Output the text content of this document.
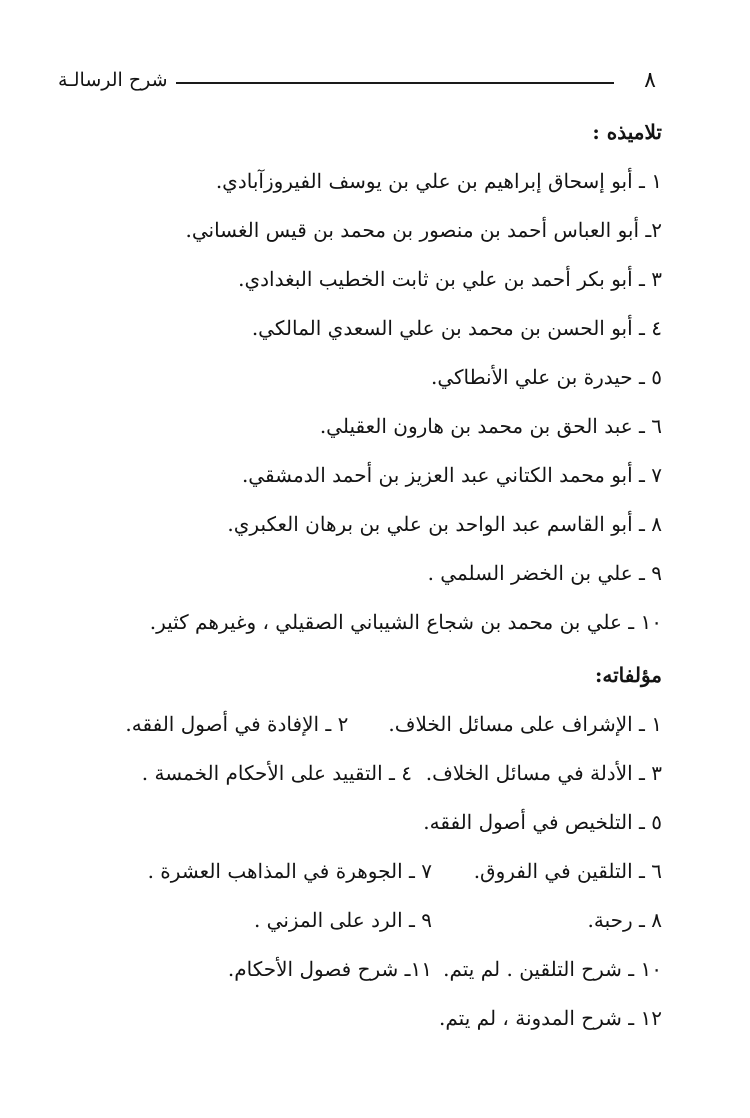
٨
شرح الرسالـة
تلاميذه :
١ ـ أبو إسحاق إبراهيم بن علي بن يوسف الفيروزآبادي.
٢ـ أبو العباس أحمد بن منصور بن محمد بن قيس الغساني.
٣ ـ أبو بكر أحمد بن علي بن ثابت الخطيب البغدادي.
٤ ـ أبو الحسن بن محمد بن علي السعدي المالكي.
٥ ـ حيدرة بن علي الأنطاكي.
٦ ـ عبد الحق بن محمد بن هارون العقيلي.
٧ ـ أبو محمد الكتاني عبد العزيز بن أحمد الدمشقي.
٨ ـ أبو القاسم عبد الواحد بن علي بن برهان العكبري.
٩ ـ علي بن الخضر السلمي .
١٠ ـ علي بن محمد بن شجاع الشيباني الصقيلي ، وغيرهم كثير.
مؤلفاته:
١ ـ الإشراف على مسائل الخلاف.
٢ ـ الإفادة في أصول الفقه.
٣ ـ الأدلة في مسائل الخلاف.
٤ ـ التقييد على الأحكام الخمسة .
٥ ـ التلخيص في أصول الفقه.
٦ ـ التلقين في الفروق.
٧ ـ الجوهرة في المذاهب العشرة .
٨ ـ رحبة.
٩ ـ الرد على المزني .
١٠ ـ شرح التلقين . لم يتم.
١١ـ شرح فصول الأحكام.
١٢ ـ شرح المدونة ، لم يتم.
